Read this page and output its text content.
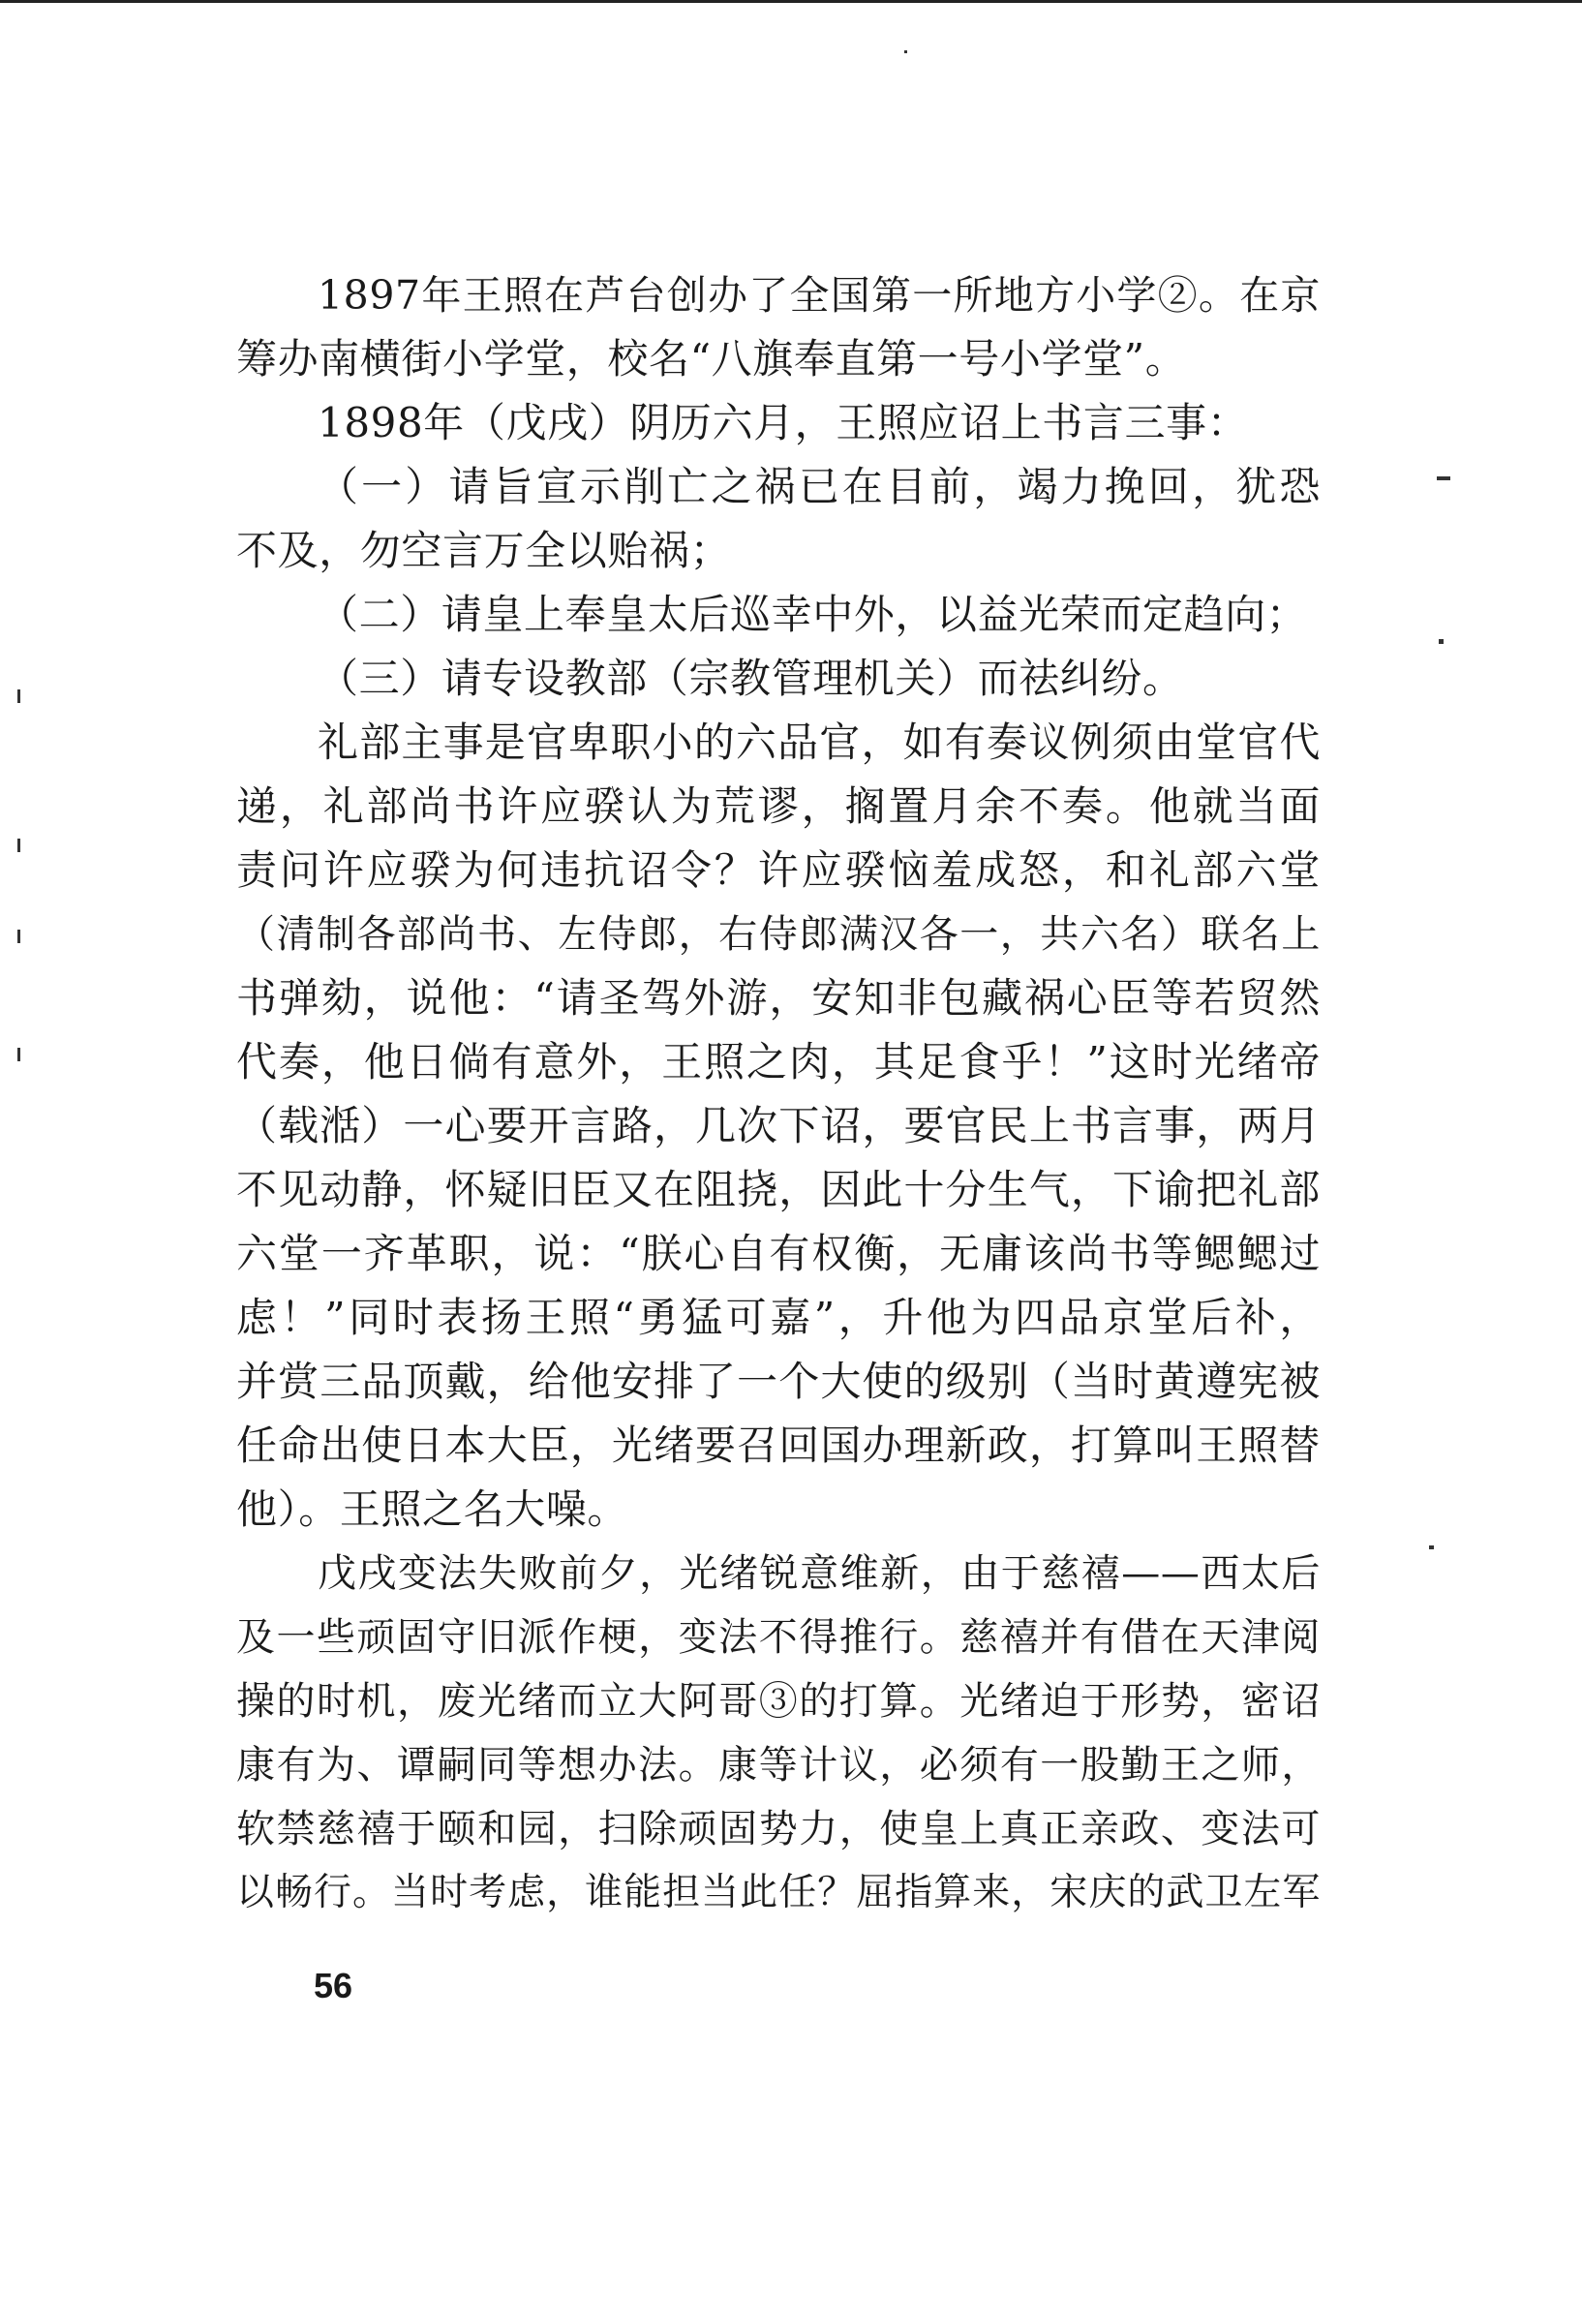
1897年王照在芦台创办了全国第一所地方小学②。在京
筹办南横街小学堂，校名“八旗奉直第一号小学堂”。
1898年（戊戌）阴历六月，王照应诏上书言三事：
（一）请旨宣示削亡之祸已在目前，竭力挽回，犹恐
不及，勿空言万全以贻祸；
（二）请皇上奉皇太后巡幸中外，以益光荣而定趋向；
（三）请专设教部（宗教管理机关）而祛纠纷。
礼部主事是官卑职小的六品官，如有奏议例须由堂官代
递，礼部尚书许应骙认为荒谬，搁置月余不奏。他就当面
责问许应骙为何违抗诏令？许应骙恼羞成怒，和礼部六堂
（清制各部尚书、左侍郎，右侍郎满汉各一，共六名）联名上
书弹劾，说他：“请圣驾外游，安知非包藏祸心臣等若贸然
代奏，他日倘有意外，王照之肉，其足食乎！”这时光绪帝
（载湉）一心要开言路，几次下诏，要官民上书言事，两月
不见动静，怀疑旧臣又在阻挠，因此十分生气，下谕把礼部
六堂一齐革职，说：“朕心自有权衡，无庸该尚书等鳃鳃过
虑！”同时表扬王照“勇猛可嘉”，升他为四品京堂后补，
并赏三品顶戴，给他安排了一个大使的级别（当时黄遵宪被
任命出使日本大臣，光绪要召回国办理新政，打算叫王照替
他）。王照之名大噪。
戊戌变法失败前夕，光绪锐意维新，由于慈禧——西太后
及一些顽固守旧派作梗，变法不得推行。慈禧并有借在天津阅
操的时机，废光绪而立大阿哥③的打算。光绪迫于形势，密诏
康有为、谭嗣同等想办法。康等计议，必须有一股勤王之师，
软禁慈禧于颐和园，扫除顽固势力，使皇上真正亲政、变法可
以畅行。当时考虑，谁能担当此任？屈指算来，宋庆的武卫左军
56
